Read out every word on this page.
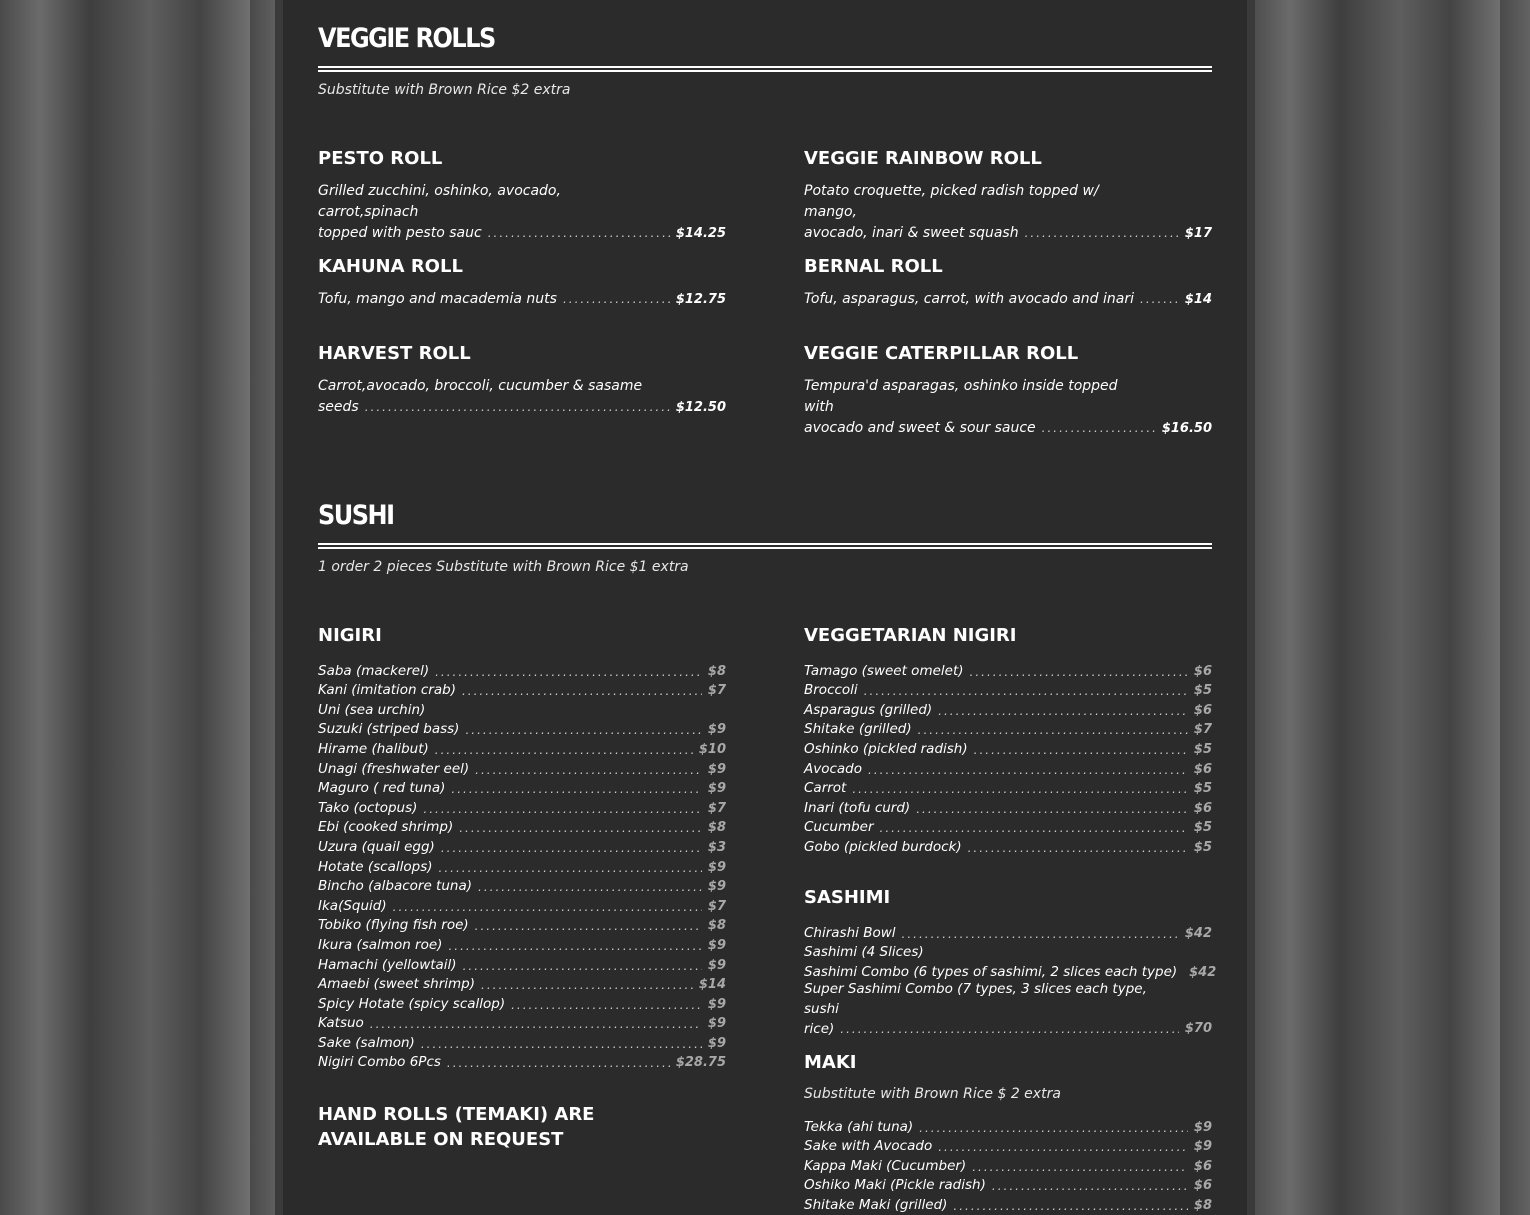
VEGGIE ROLLS
Substitute with Brown Rice $2 extra
PESTO ROLL
Grilled zucchini, oshinko, avocado, carrot,spinach
topped with pesto sauc .....	$14.25
KAHUNA ROLL
Tofu, mango and macademia nuts .....	$12.75
HARVEST ROLL
Carrot,avocado, broccoli, cucumber & sasame
seeds .....	$12.50
VEGGIE RAINBOW ROLL
Potato croquette, picked radish topped w/ mango,
avocado, inari & sweet squash .....	$17
BERNAL ROLL
Tofu, asparagus, carrot, with avocado and inari .....	$14
VEGGIE CATERPILLAR ROLL
Tempura'd asparagas, oshinko inside topped with
avocado and sweet & sour sauce .....	$16.50
SUSHI
1 order 2 pieces Substitute with Brown Rice $1 extra
NIGIRI
Saba (mackerel) .....	$8
Kani (imitation crab) .....	$7
Uni (sea urchin)
Suzuki (striped bass) .....	$9
Hirame (halibut) .....	$10
Unagi (freshwater eel) .....	$9
Maguro ( red tuna) .....	$9
Tako (octopus) .....	$7
Ebi (cooked shrimp) .....	$8
Uzura (quail egg) .....	$3
Hotate (scallops) .....	$9
Bincho (albacore tuna) .....	$9
Ika(Squid) .....	$7
Tobiko (flying fish roe) .....	$8
Ikura (salmon roe) .....	$9
Hamachi (yellowtail) .....	$9
Amaebi (sweet shrimp) .....	$14
Spicy Hotate (spicy scallop) .....	$9
Katsuo .....	$9
Sake (salmon) .....	$9
Nigiri Combo 6Pcs .....	$28.75
HAND ROLLS (TEMAKI) ARE AVAILABLE ON REQUEST
VEGGETARIAN NIGIRI
Tamago (sweet omelet) .....	$6
Broccoli .....	$5
Asparagus (grilled) .....	$6
Shitake (grilled) .....	$7
Oshinko (pickled radish) .....	$5
Avocado .....	$6
Carrot .....	$5
Inari (tofu curd) .....	$6
Cucumber .....	$5
Gobo (pickled burdock) .....	$5
SASHIMI
Chirashi Bowl .....	$42
Sashimi (4 Slices)
Sashimi Combo (6 types of sashimi, 2 slices each type) $42
Super Sashimi Combo (7 types, 3 slices each type, sushi
rice) .....	$70
MAKI
Substitute with Brown Rice $ 2 extra
Tekka (ahi tuna) .....	$9
Sake with Avocado .....	$9
Kappa Maki (Cucumber) .....	$6
Oshiko Maki (Pickle radish) .....	$6
Shitake Maki (grilled) .....	$8
